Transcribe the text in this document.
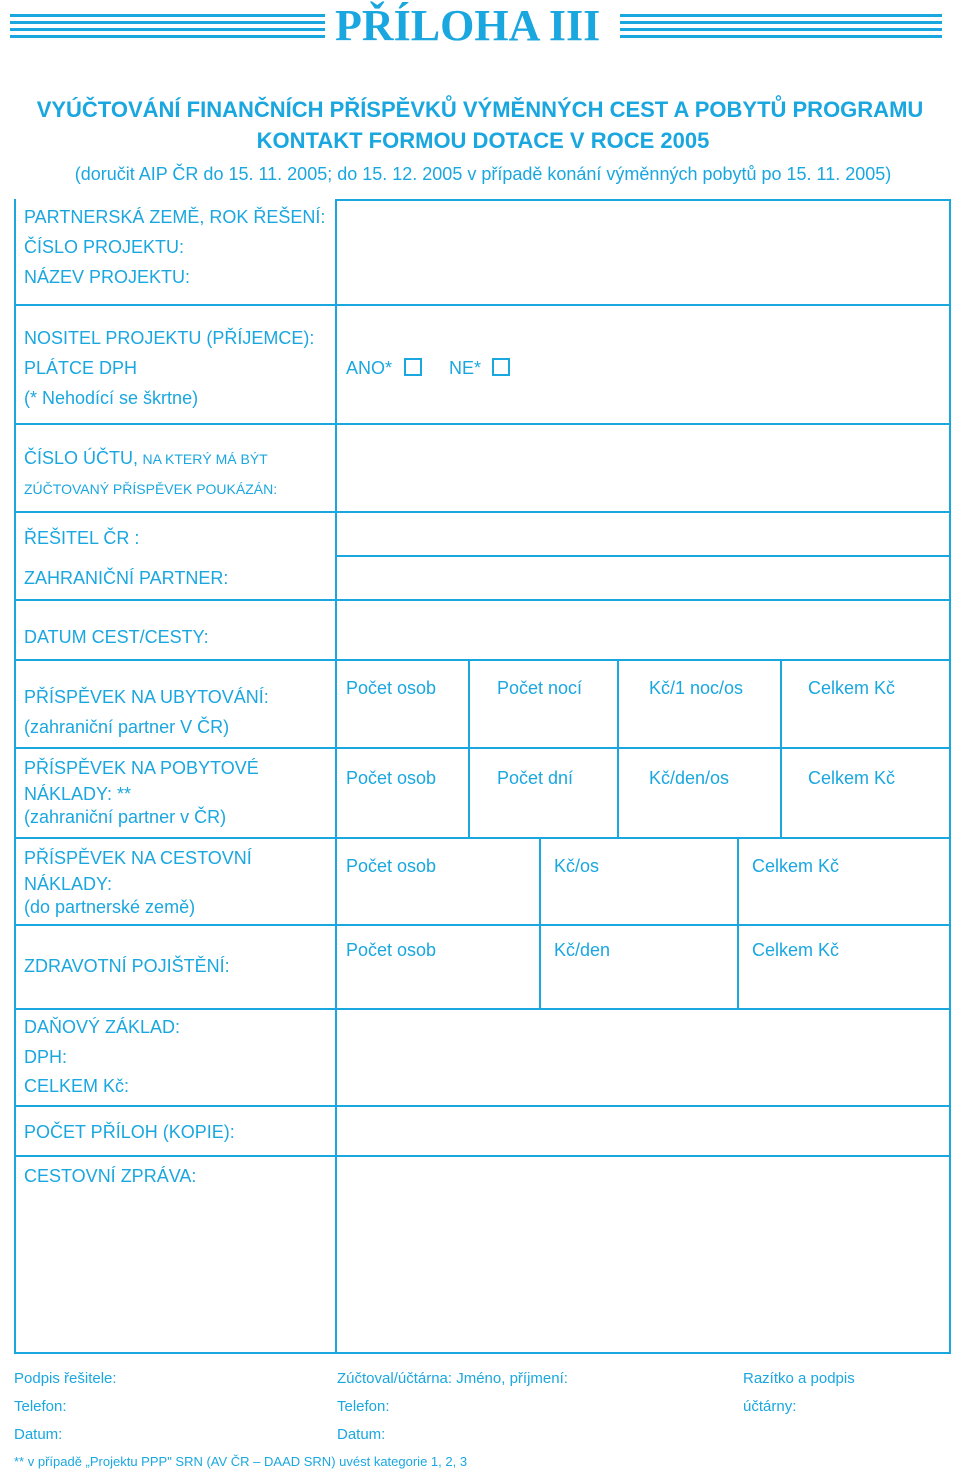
PŘÍLOHA III
VYÚČTOVÁNÍ FINANČNÍCH PŘÍSPĚVKŮ VÝMĚNNÝCH CEST A POBYTŮ PROGRAMU
KONTAKT FORMOU DOTACE V ROCE 2005
(doručit AIP ČR do 15. 11. 2005; do 15. 12. 2005 v případě konání výměnných pobytů po 15. 11. 2005)
PARTNERSKÁ ZEMĚ, ROK ŘEŠENÍ:
ČÍSLO PROJEKTU:
NÁZEV PROJEKTU:
NOSITEL PROJEKTU (PŘÍJEMCE):
PLÁTCE DPH
(* Nehodící se škrtne)
ANO*	NE*
ČÍSLO ÚČTU, NA KTERÝ MÁ BÝT
ZÚČTOVANÝ PŘÍSPĚVEK POUKÁZÁN:
ŘEŠITEL ČR :
ZAHRANIČNÍ PARTNER:
DATUM CEST/CESTY:
PŘÍSPĚVEK NA UBYTOVÁNÍ:
(zahraniční partner V ČR)
Počet osob	Počet nocí	Kč/1 noc/os	Celkem Kč
PŘÍSPĚVEK NA POBYTOVÉ
NÁKLADY: **
(zahraniční partner v ČR)
Počet osob	Počet dní	Kč/den/os	Celkem Kč
PŘÍSPĚVEK NA CESTOVNÍ
NÁKLADY:
(do partnerské země)
Počet osob	Kč/os	Celkem Kč
ZDRAVOTNÍ POJIŠTĚNÍ:
Počet osob	Kč/den	Celkem Kč
DAŇOVÝ ZÁKLAD:
DPH:
CELKEM Kč:
POČET PŘÍLOH (KOPIE):
CESTOVNÍ ZPRÁVA:
Podpis řešitele:
Telefon:
Datum:
Zúčtoval/účtárna: Jméno, příjmení:
Telefon:
Datum:
Razítko a podpis
účtárny:
** v případě „Projektu PPP" SRN (AV ČR – DAAD SRN) uvést kategorie 1, 2, 3
